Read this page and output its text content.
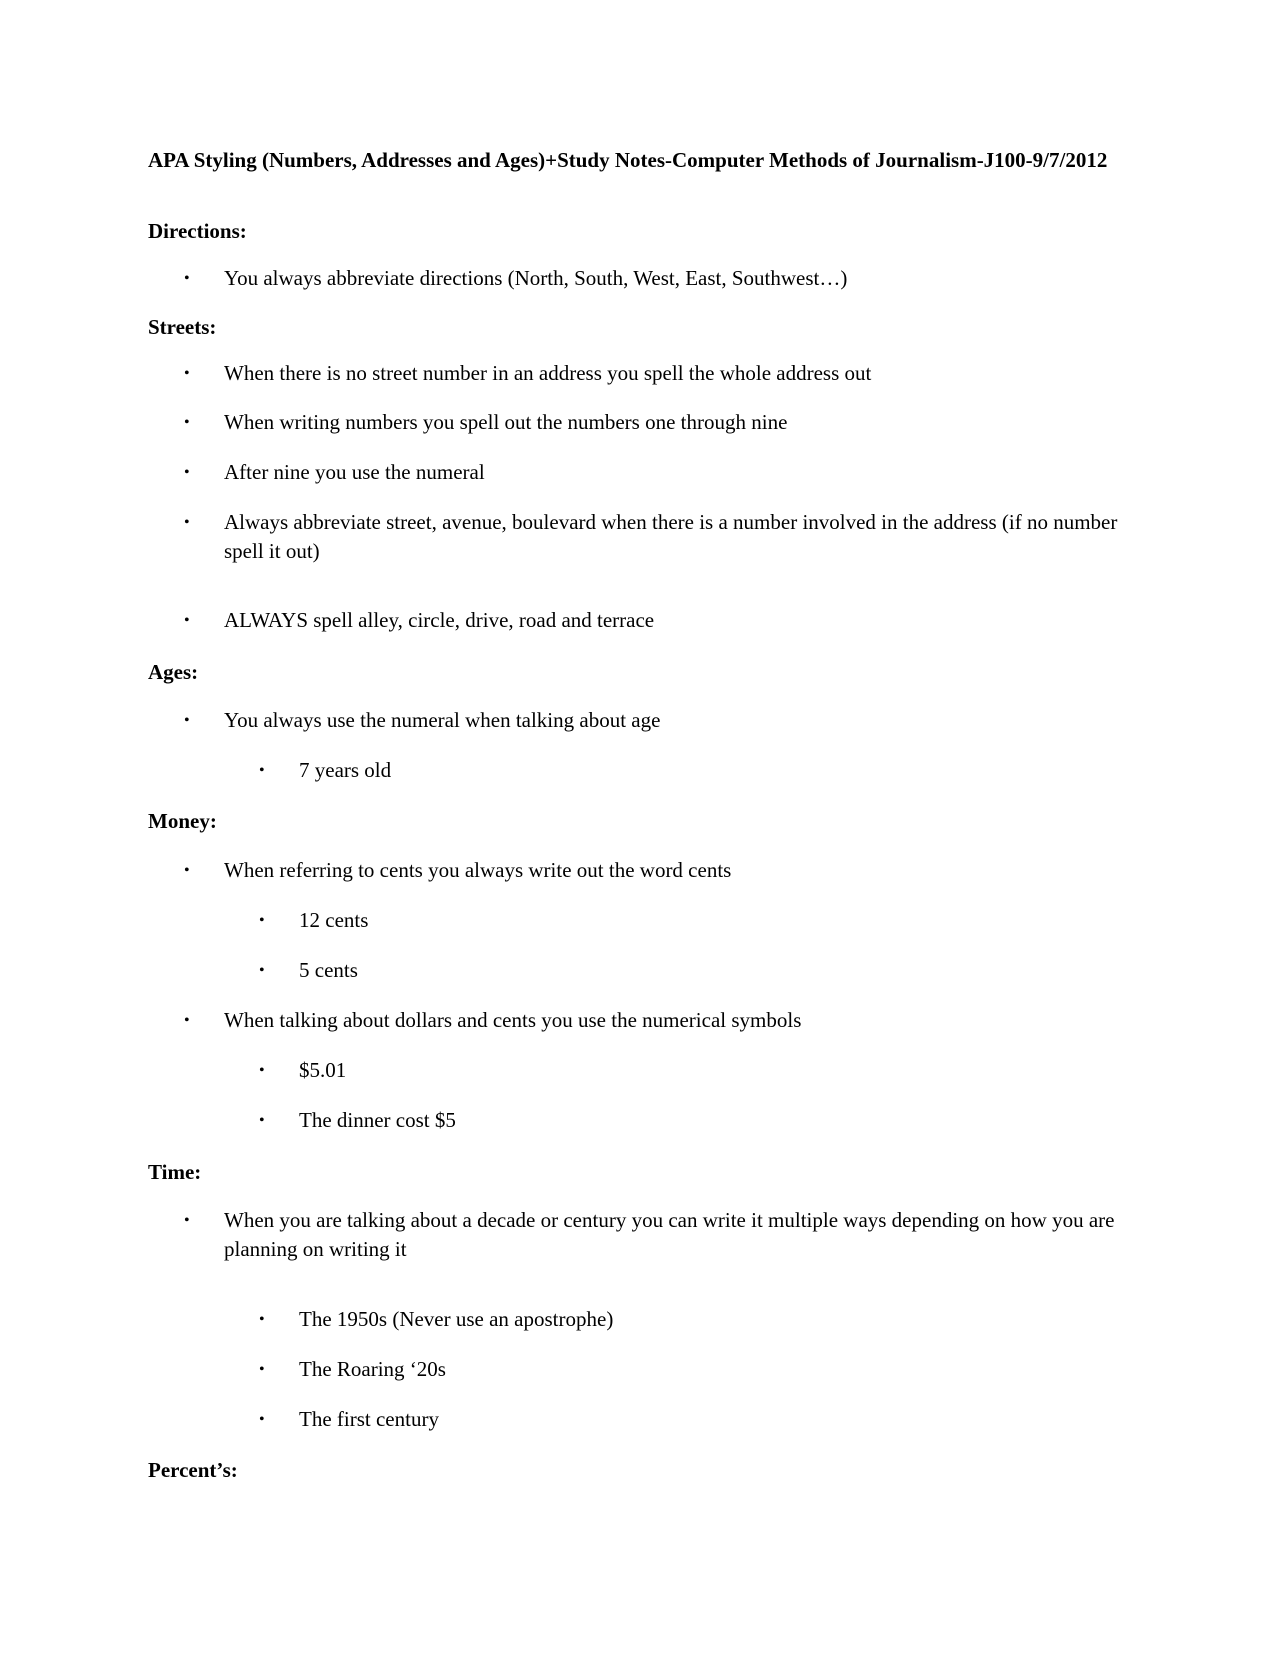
APA Styling (Numbers, Addresses and Ages)+Study Notes-Computer Methods of Journalism-J100-9/7/2012
Directions:

• You always abbreviate directions (North, South, West, East, Southwest…)

Streets:

• When there is no street number in an address you spell the whole address out

• When writing numbers you spell out the numbers one through nine

• After nine you use the numeral

• Always abbreviate street, avenue, boulevard when there is a number involved in the address (if no number spell it out)

• ALWAYS spell alley, circle, drive, road and terrace

Ages:

• You always use the numeral when talking about age

• 7 years old

Money:

• When referring to cents you always write out the word cents

• 12 cents

• 5 cents

• When talking about dollars and cents you use the numerical symbols

• $5.01

• The dinner cost $5

Time:

• When you are talking about a decade or century you can write it multiple ways depending on how you are planning on writing it

• The 1950s (Never use an apostrophe)

• The Roaring ‘20s

• The first century

Percent’s:
